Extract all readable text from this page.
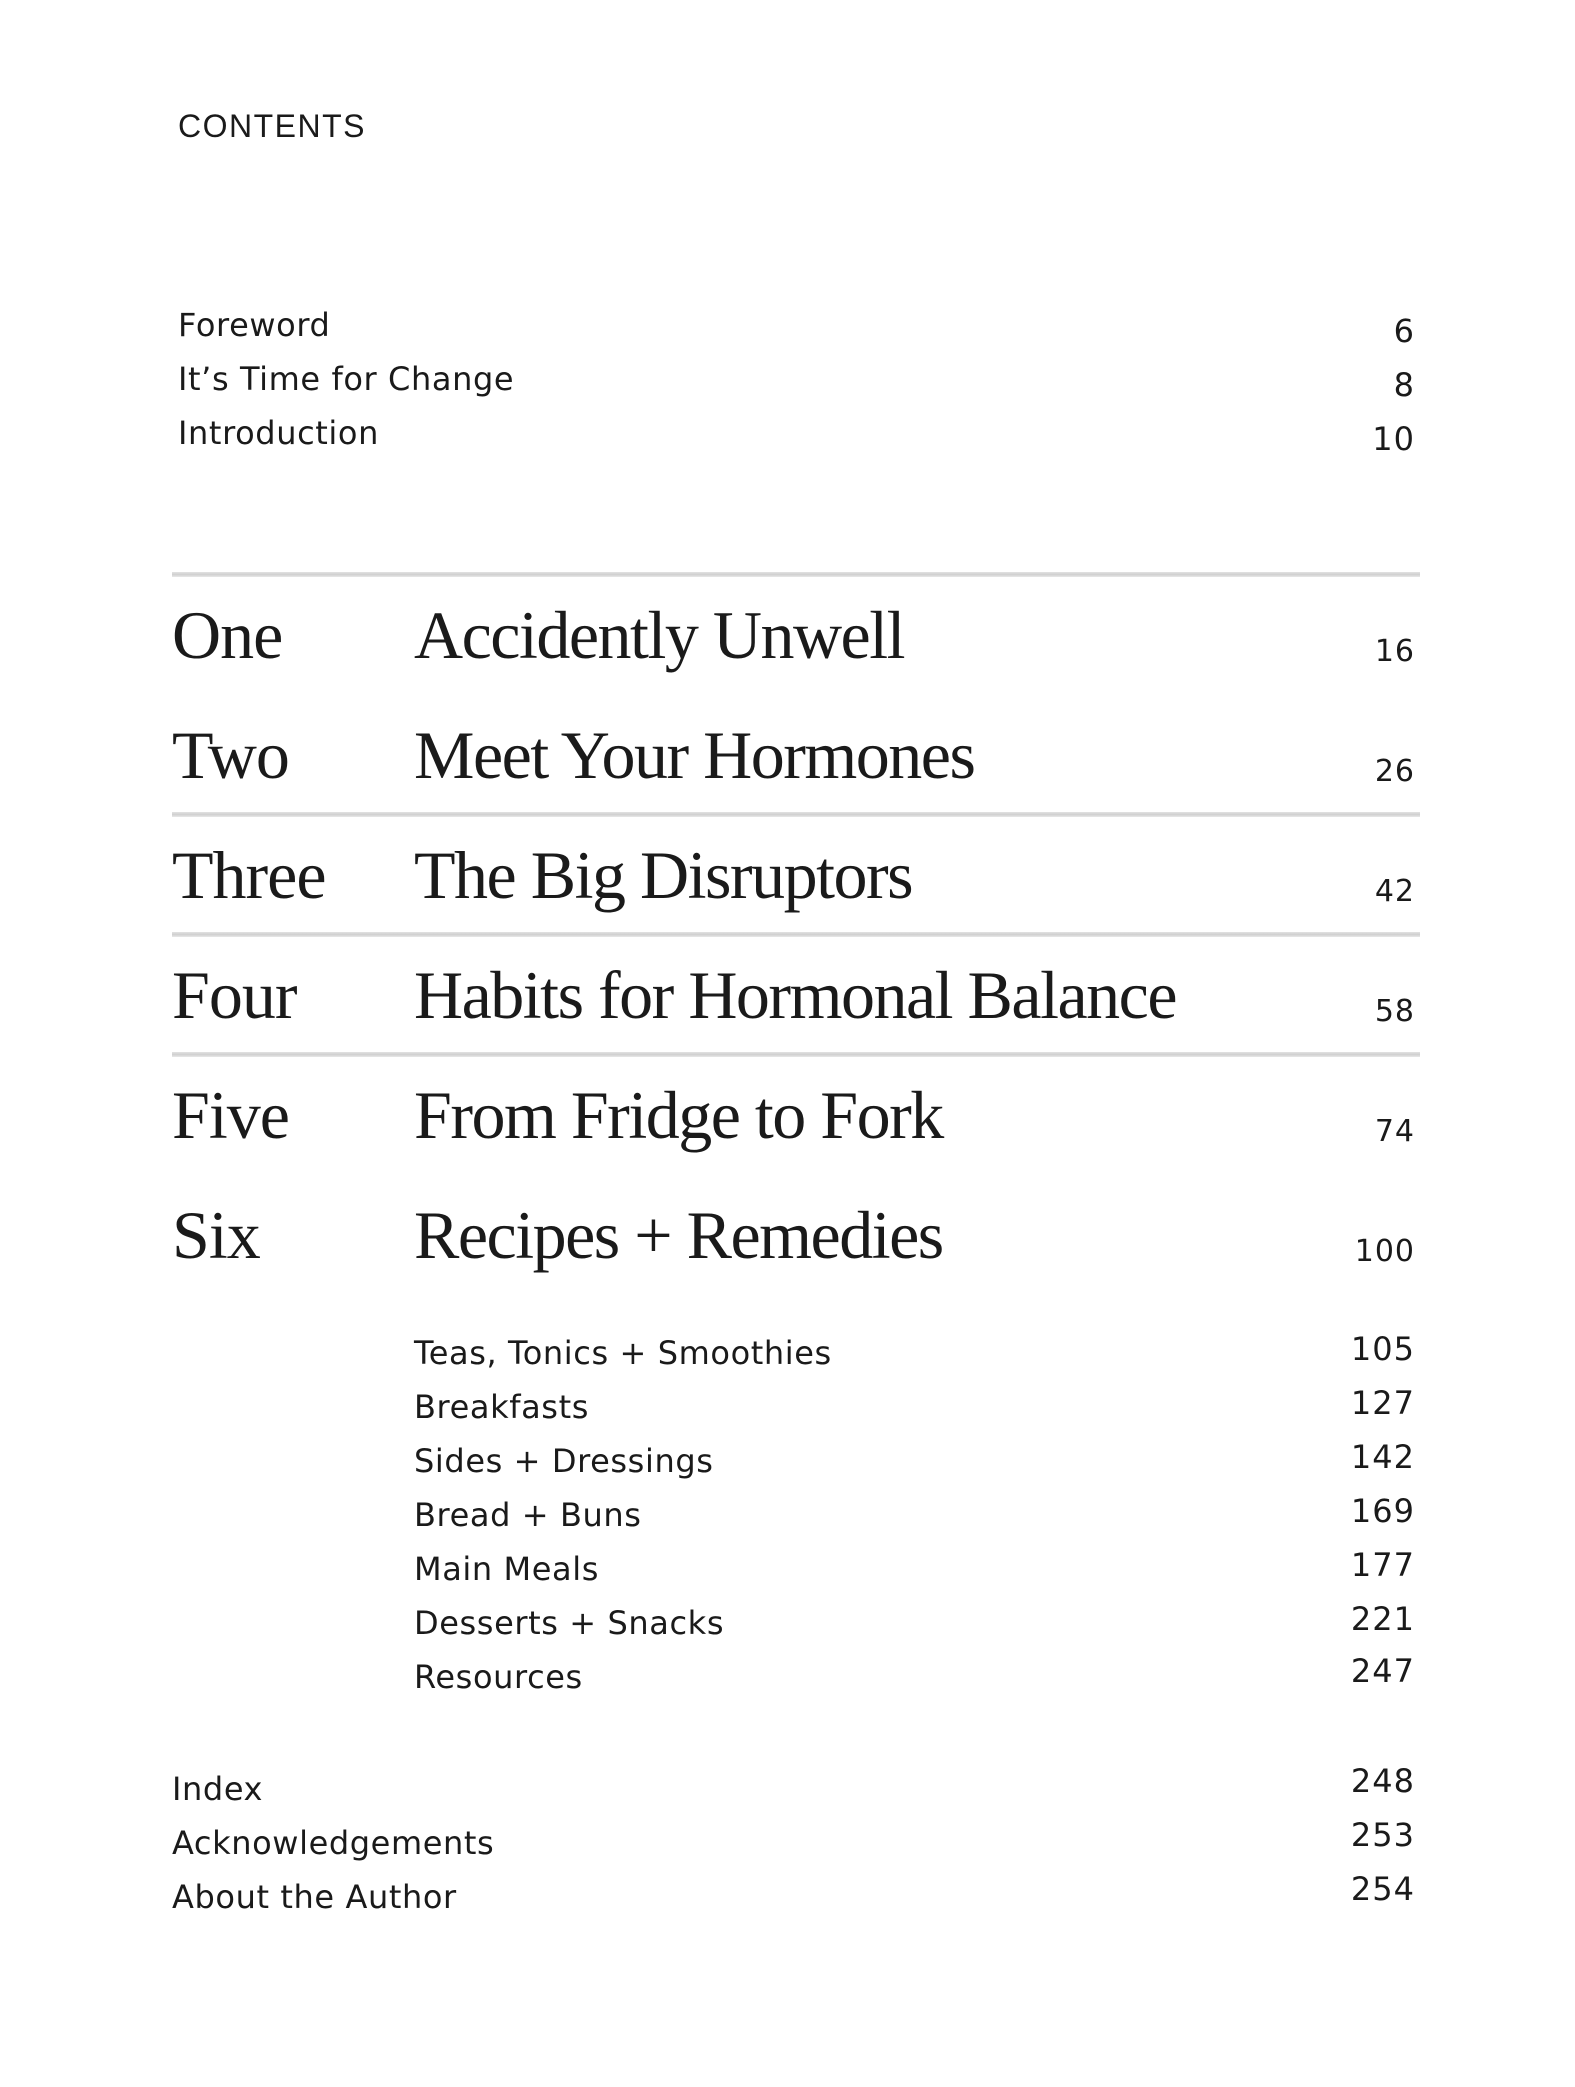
CONTENTS
Foreword	6
It’s Time for Change	8
Introduction	10
One Accidently Unwell	16
Two Meet Your Hormones	26
Three The Big Disruptors	42
Four Habits for Hormonal Balance	58
Five From Fridge to Fork	74
Six Recipes + Remedies	100
Teas, Tonics + Smoothies	105
Breakfasts	127
Sides + Dressings	142
Bread + Buns	169
Main Meals	177
Desserts + Snacks	221
Resources	247
Index	248
Acknowledgements	253
About the Author	254
